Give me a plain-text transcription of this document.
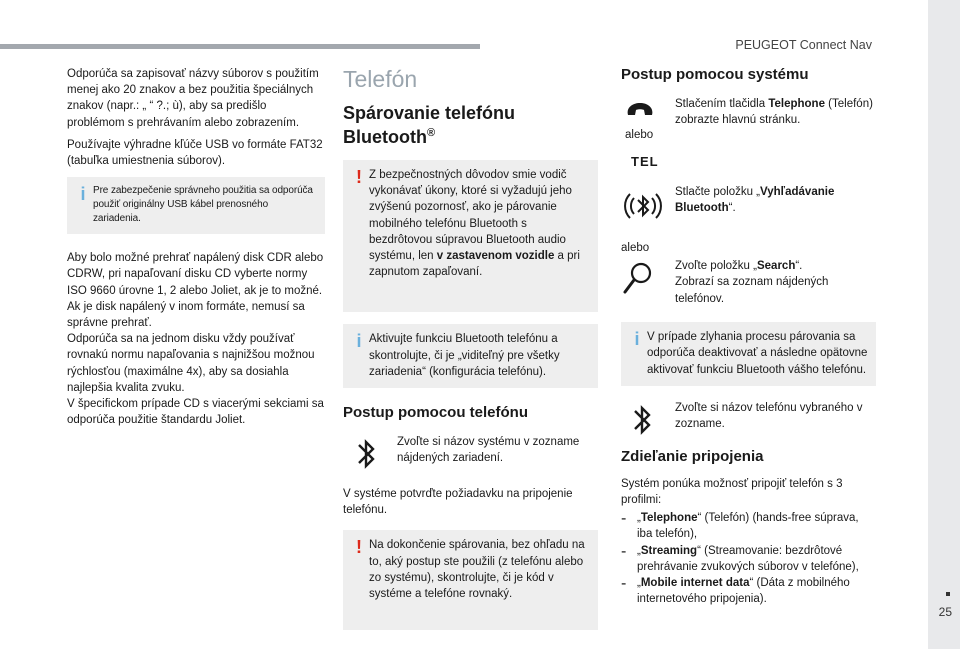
PEUGEOT Connect Nav
25

Odporúča sa zapisovať názvy súborov s použitím menej ako 20 znakov a bez použitia špeciálnych znakov (napr.: „ “ ?.; ù), aby sa predišlo problémom s prehrávaním alebo zobrazením.

Používajte výhradne kľúče USB vo formáte FAT32 (tabuľka umiestnenia súborov).

i Pre zabezpečenie správneho použitia sa odporúča použiť originálny USB kábel prenosného zariadenia.

Aby bolo možné prehrať napálený disk CDR alebo CDRW, pri napaľovaní disku CD vyberte normy ISO 9660 úrovne 1, 2 alebo Joliet, ak je to možné.

Ak je disk napálený v inom formáte, nemusí sa správne prehrať.

Odporúča sa na jednom disku vždy používať rovnakú normu napaľovania s najnižšou možnou rýchlosťou (maximálne 4x), aby sa dosiahla najlepšia kvalita zvuku.

V špecifickom prípade CD s viacerými sekciami sa odporúča použitie štandardu Joliet.

Telefón
Spárovanie telefónu
Bluetooth®
! Z bezpečnostných dôvodov smie vodič vykonávať úkony, ktoré si vyžadujú jeho zvýšenú pozornosť, ako je párovanie mobilného telefónu Bluetooth s bezdrôtovou súpravou Bluetooth audio systému, len v zastavenom vozidle a pri zapnutom zapaľovaní.

i Aktivujte funkciu Bluetooth telefónu a skontrolujte, či je „viditeľný pre všetky zariadenia“ (konfigurácia telefónu).

Postup pomocou telefónu

Zvoľte si názov systému v zozname nájdených zariadení.

V systéme potvrďte požiadavku na pripojenie telefónu.

! Na dokončenie spárovania, bez ohľadu na to, aký postup ste použili (z telefónu alebo zo systému), skontrolujte, či je kód v systéme a telefóne rovnaký.

Postup pomocou systému
alebo
TEL

Stlačením tlačidla Telephone (Telefón) zobrazte hlavnú stránku.

Stlačte položku „Vyhľadávanie Bluetooth“.

alebo

Zvoľte položku „Search“.
Zobrazí sa zoznam nájdených telefónov.

i V prípade zlyhania procesu párovania sa odporúča deaktivovať a následne opätovne aktivovať funkciu Bluetooth vášho telefónu.

Zvoľte si názov telefónu vybraného v zozname.

Zdieľanie pripojenia

Systém ponúka možnosť pripojiť telefón s 3 profilmi:

- „Telephone“ (Telefón) (hands-free súprava, iba telefón),

- „Streaming“ (Streamovanie: bezdrôtové prehrávanie zvukových súborov v telefóne),

- „Mobile internet data“ (Dáta z mobilného internetového pripojenia).
